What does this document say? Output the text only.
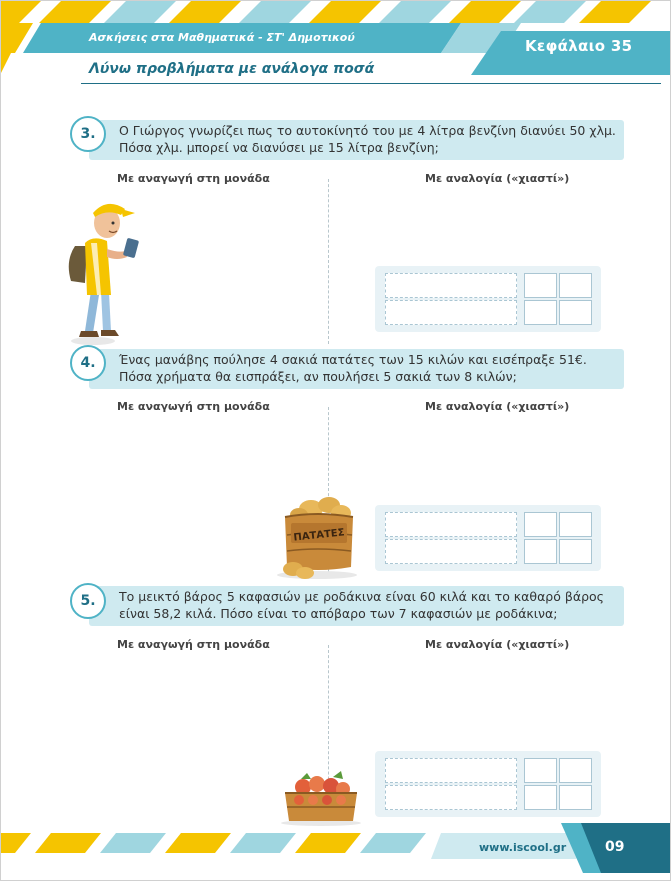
Ασκήσεις στα Μαθηματικά - ΣΤ' Δημοτικού	Κεφάλαιο 35
Λύνω προβλήματα με ανάλογα ποσά
Ο Γιώργος γνωρίζει πως το αυτοκίνητό του με 4 λίτρα βενζίνη διανύει 50 χλμ.
Πόσα χλμ. μπορεί να διανύσει με 15 λίτρα βενζίνη;
3.
Με αναγωγή στη μονάδα	Με αναλογία («χιαστί»)
Ένας μανάβης πούλησε 4 σακιά πατάτες των 15 κιλών και εισέπραξε 51€.
Πόσα χρήματα θα εισπράξει, αν πουλήσει 5 σακιά των 8 κιλών;
4.
Με αναγωγή στη μονάδα	Με αναλογία («χιαστί»)
ΠΑΤΑΤΕΣ
Το μεικτό βάρος 5 καφασιών με ροδάκινα είναι 60 κιλά και το καθαρό βάρος
είναι 58,2 κιλά. Πόσο είναι το απόβαρο των 7 καφασιών με ροδάκινα;
5.
Με αναγωγή στη μονάδα	Με αναλογία («χιαστί»)
www.iscool.gr	09
